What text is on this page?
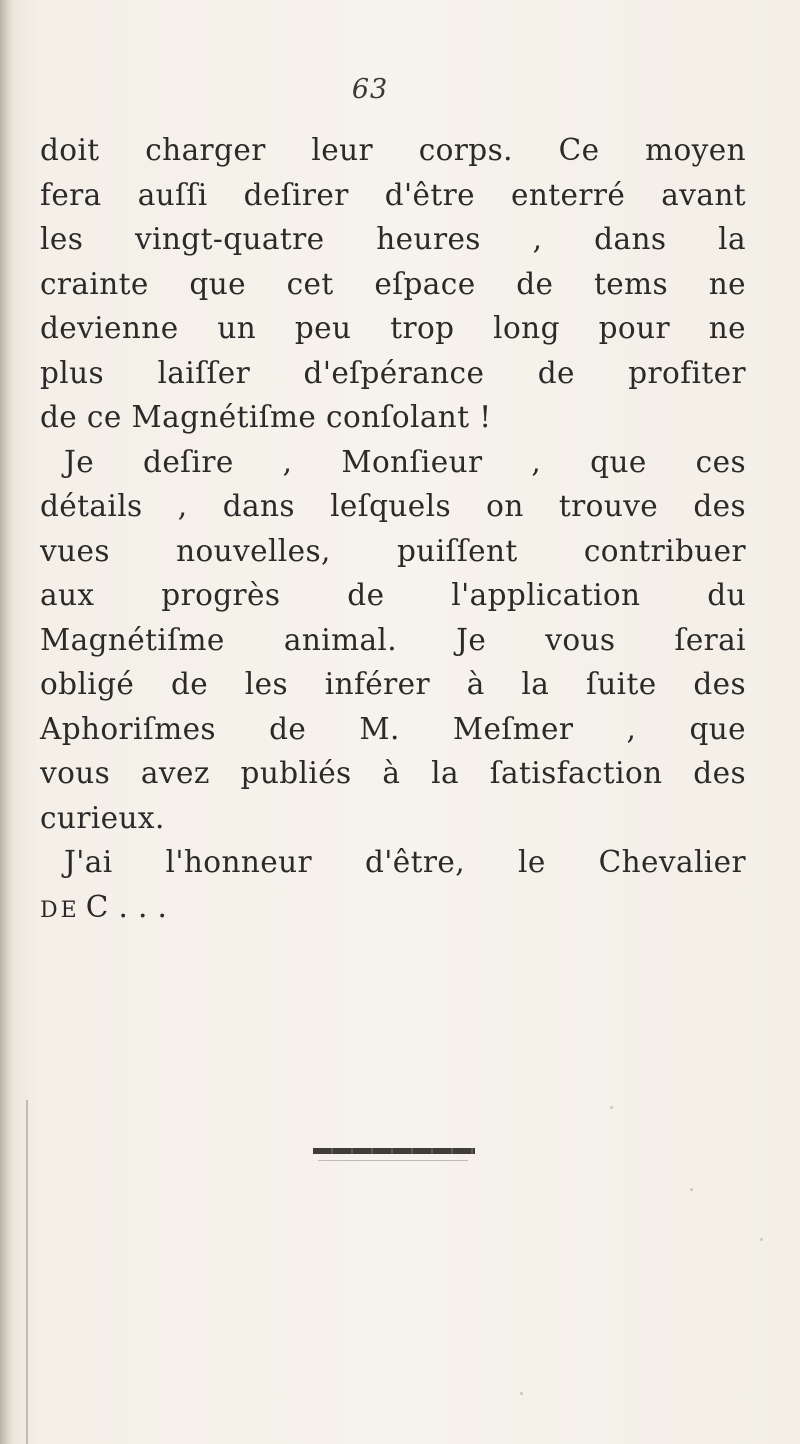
63
doit charger leur corps. Ce moyen
fera auſſi deſirer d'être enterré avant
les vingt-quatre heures , dans la
crainte que cet eſpace de tems ne
devienne un peu trop long pour ne
plus laiſſer d'eſpérance de profiter
de ce Magnétiſme conſolant !
Je deſire , Monſieur , que ces
détails , dans leſquels on trouve des
vues nouvelles, puiſſent contribuer
aux progrès de l'application du
Magnétiſme animal. Je vous ſerai
obligé de les inférer à la ſuite des
Aphoriſmes de M. Meſmer , que
vous avez publiés à la ſatisfaction des
curieux.
J'ai l'honneur d'être, le Chevalier
DE C . . .
